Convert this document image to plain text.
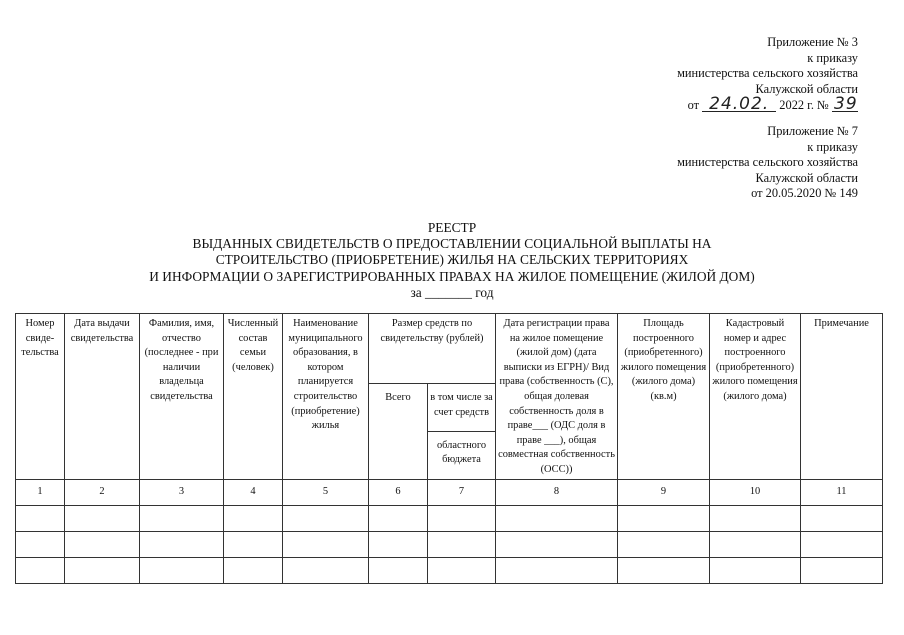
Приложение № 3
к приказу
министерства сельского хозяйства
Калужской области
от 24.02. 2022 г. № 39
Приложение № 7
к приказу
министерства сельского хозяйства
Калужской области
от 20.05.2020 № 149
РЕЕСТР
ВЫДАННЫХ СВИДЕТЕЛЬСТВ О ПРЕДОСТАВЛЕНИИ СОЦИАЛЬНОЙ ВЫПЛАТЫ НА
СТРОИТЕЛЬСТВО (ПРИОБРЕТЕНИЕ) ЖИЛЬЯ НА СЕЛЬСКИХ ТЕРРИТОРИЯХ
И ИНФОРМАЦИИ О ЗАРЕГИСТРИРОВАННЫХ ПРАВАХ НА ЖИЛОЕ ПОМЕЩЕНИЕ (ЖИЛОЙ ДОМ)
за _______ год
Номер свиде-тельства	Дата выдачи свидетельства	Фамилия, имя, отчество (последнее - при наличии владельца свидетельства	Численный состав семьи (человек)	Наименование муниципального образования, в котором планируется строительство (приобретение) жилья	Размер средств по свидетельству (рублей)		Дата регистрации права на жилое помещение (жилой дом) (дата выписки из ЕГРН)/ Вид права (собственность (С), общая долевая собственность доля в праве___ (ОДС доля в праве ___), общая совместная собственность (ОСС))	Площадь построенного (приобретенного) жилого помещения (жилого дома) (кв.м)	Кадастровый номер и адрес построенного (приобретенного) жилого помещения (жилого дома)	Примечание

					Всего	в том числе за счет средств				
						областного бюджета				
1	2	3	4	5	6	7	8	9	10	11
